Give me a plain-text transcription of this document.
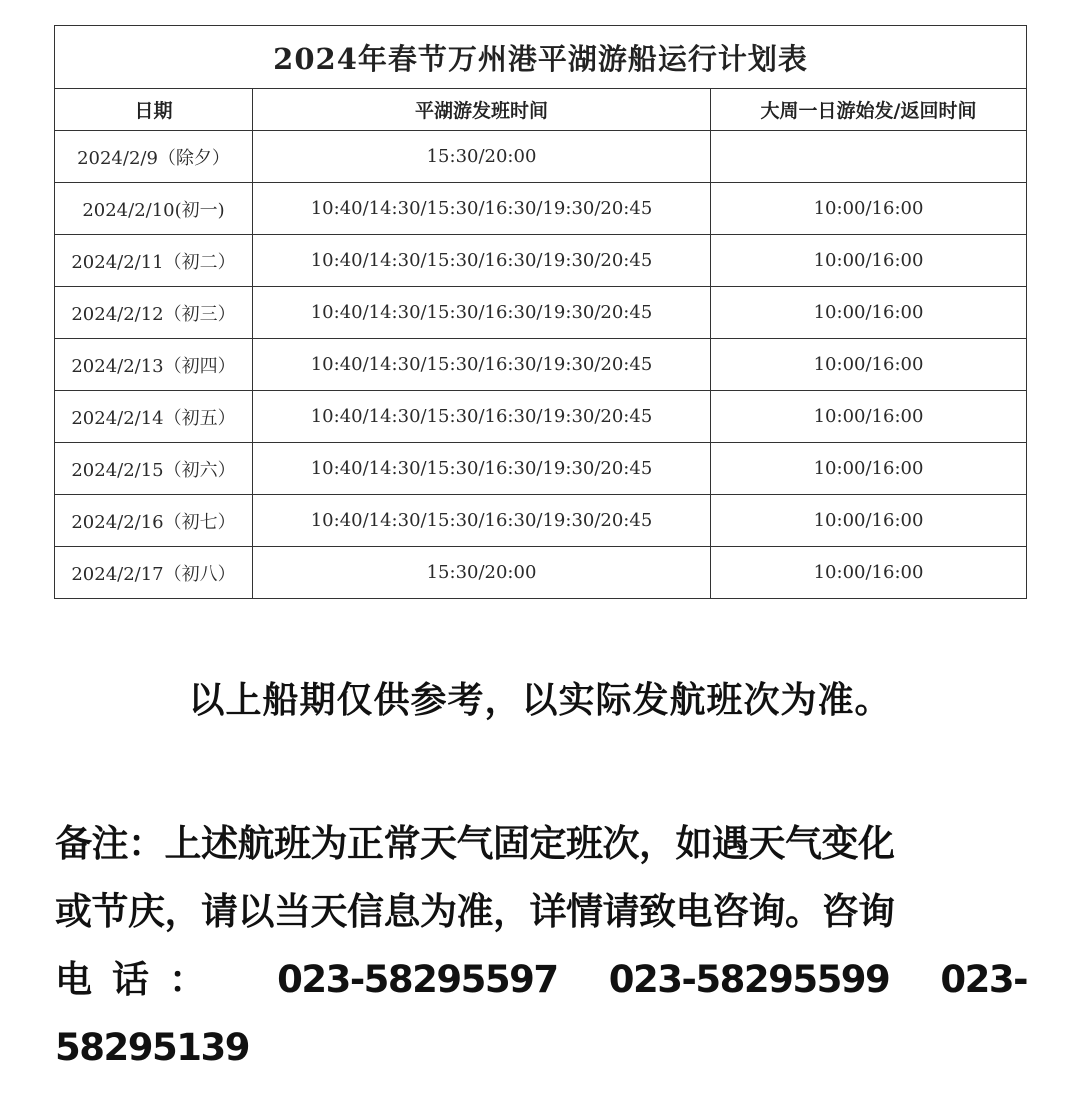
2024年春节万州港平湖游船运行计划表		
日期	平湖游发班时间	大周一日游始发/返回时间
2024/2/9（除夕）	15:30/20:00	
2024/2/10(初一)	10:40/14:30/15:30/16:30/19:30/20:45	10:00/16:00
2024/2/11（初二）	10:40/14:30/15:30/16:30/19:30/20:45	10:00/16:00
2024/2/12（初三）	10:40/14:30/15:30/16:30/19:30/20:45	10:00/16:00
2024/2/13（初四）	10:40/14:30/15:30/16:30/19:30/20:45	10:00/16:00
2024/2/14（初五）	10:40/14:30/15:30/16:30/19:30/20:45	10:00/16:00
2024/2/15（初六）	10:40/14:30/15:30/16:30/19:30/20:45	10:00/16:00
2024/2/16（初七）	10:40/14:30/15:30/16:30/19:30/20:45	10:00/16:00
2024/2/17（初八）	15:30/20:00	10:00/16:00
以上船期仅供参考，以实际发航班次为准。
备注：上述航班为正常天气固定班次，如遇天气变化
或节庆，请以当天信息为准，详情请致电咨询。咨询
电话： 023-58295597 023-58295599 023-
58295139
